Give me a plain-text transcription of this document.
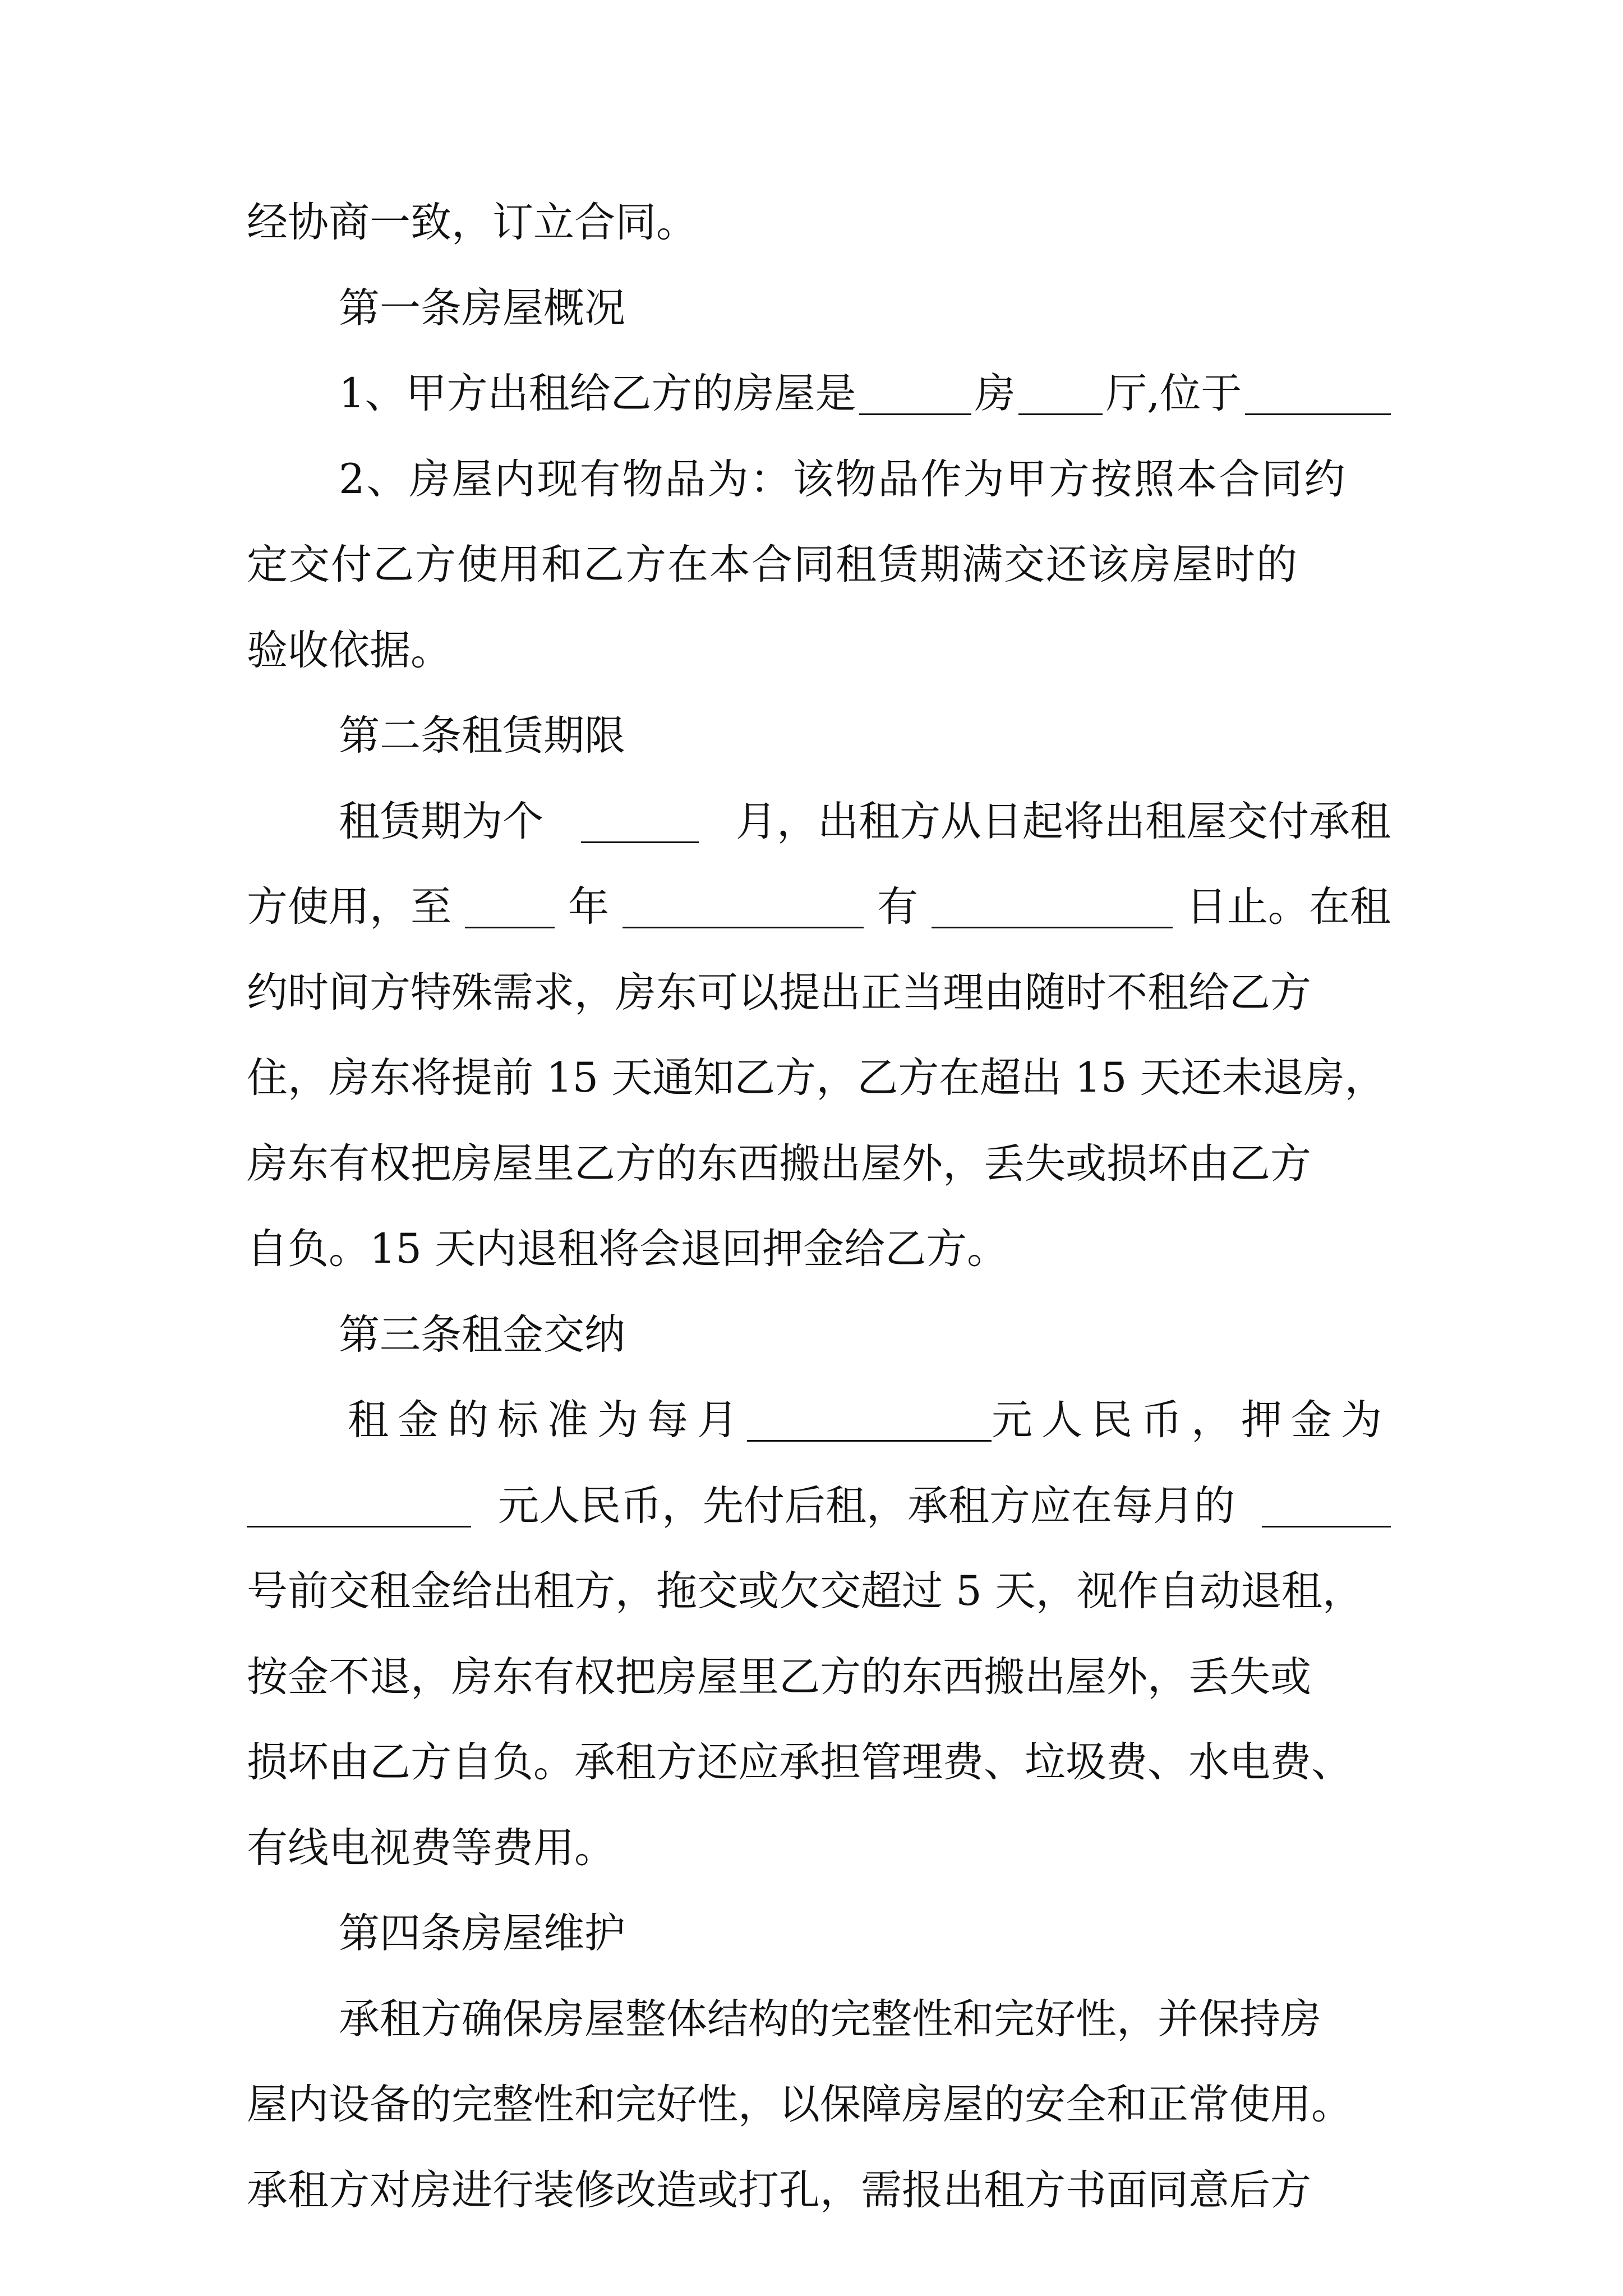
经协商一致，订立合同。
第一条房屋概况
1、甲方出租给乙方的房屋是	房 厅,位于
2、房屋内现有物品为：该物品作为甲方按照本合同约
定交付乙方使用和乙方在本合同租赁期满交还该房屋时的
验收依据。
第二条租赁期限
租赁期为个	月，出租方从日起将出租屋交付承租
方使用，至	年	有	日止。在租
约时间方特殊需求，房东可以提出正当理由随时不租给乙方
住，房东将提前 15 天通知乙方，乙方在超出 15 天还未退房，
房东有权把房屋里乙方的东西搬出屋外，丢失或损坏由乙方
自负。15 天内退租将会退回押金给乙方。
第三条租金交纳
租金的标准为每月	元人民币，押金为
元人民币，先付后租，承租方应在每月的
号前交租金给出租方，拖交或欠交超过 5 天，视作自动退租，
按金不退，房东有权把房屋里乙方的东西搬出屋外，丢失或
损坏由乙方自负。承租方还应承担管理费、垃圾费、水电费、
有线电视费等费用。
第四条房屋维护
承租方确保房屋整体结构的完整性和完好性，并保持房
屋内设备的完整性和完好性，以保障房屋的安全和正常使用。
承租方对房进行装修改造或打孔，需报出租方书面同意后方
